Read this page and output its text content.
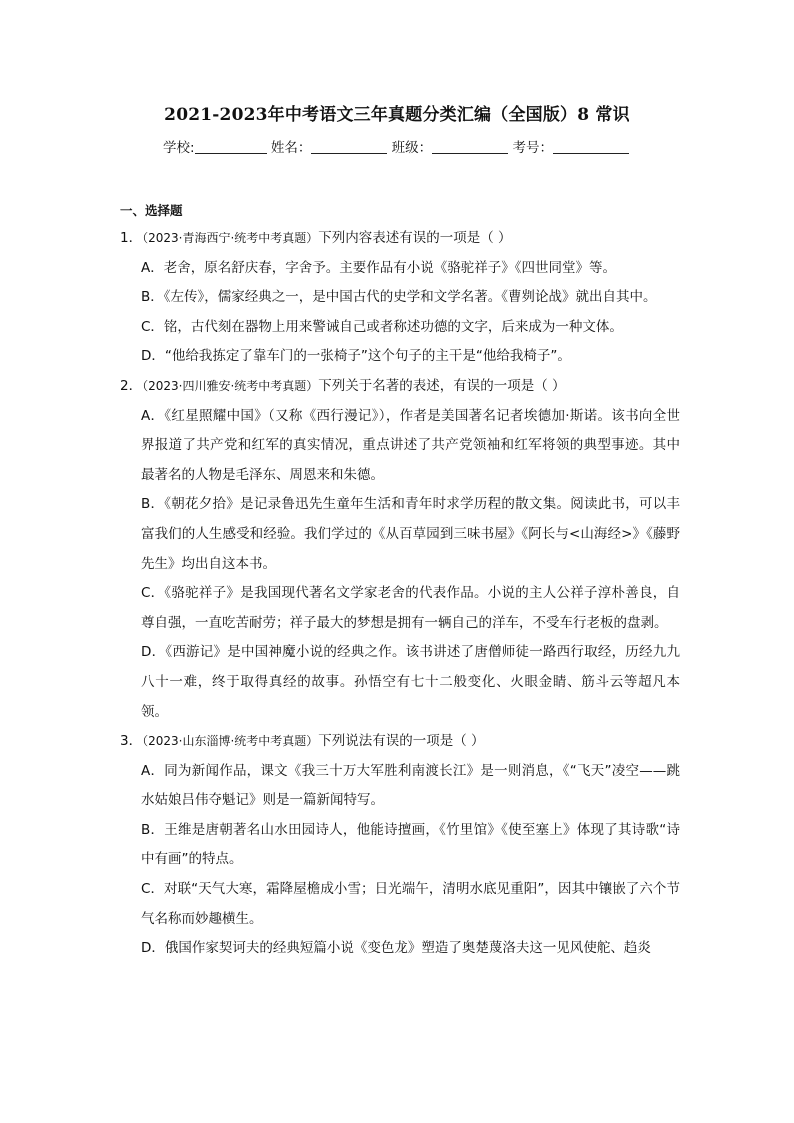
2021-2023年中考语文三年真题分类汇编（全国版）8 常识
学校:	姓名：	班级：	考号：
一、选择题
1．（2023·青海西宁·统考中考真题）下列内容表述有误的一项是（ ）
A．老舍，原名舒庆春，字舍予。主要作品有小说《骆驼祥子》《四世同堂》等。
B．《左传》，儒家经典之一，是中国古代的史学和文学名著。《曹刿论战》就出自其中。
C．铭，古代刻在器物上用来警诫自己或者称述功德的文字，后来成为一种文体。
D．“他给我拣定了靠车门的一张椅子”这个句子的主干是“他给我椅子”。
2．（2023·四川雅安·统考中考真题）下列关于名著的表述，有误的一项是（ ）
A．《红星照耀中国》（又称《西行漫记》），作者是美国著名记者埃德加·斯诺。该书向全世界报道了共产党和红军的真实情况，重点讲述了共产党领袖和红军将领的典型事迹。其中最著名的人物是毛泽东、周恩来和朱德。
B．《朝花夕拾》是记录鲁迅先生童年生活和青年时求学历程的散文集。阅读此书，可以丰富我们的人生感受和经验。我们学过的《从百草园到三味书屋》《阿长与<山海经>》《藤野先生》均出自这本书。
C．《骆驼祥子》是我国现代著名文学家老舍的代表作品。小说的主人公祥子淳朴善良，自尊自强，一直吃苦耐劳；祥子最大的梦想是拥有一辆自己的洋车，不受车行老板的盘剥。
D．《西游记》是中国神魔小说的经典之作。该书讲述了唐僧师徒一路西行取经，历经九九八十一难，终于取得真经的故事。孙悟空有七十二般变化、火眼金睛、筋斗云等超凡本领。
3．（2023·山东淄博·统考中考真题）下列说法有误的一项是（ ）
A．同为新闻作品，课文《我三十万大军胜利南渡长江》是一则消息，《“飞天”凌空——跳水姑娘吕伟夺魁记》则是一篇新闻特写。
B．王维是唐朝著名山水田园诗人，他能诗擅画，《竹里馆》《使至塞上》体现了其诗歌“诗中有画”的特点。
C．对联“天气大寒，霜降屋檐成小雪；日光端午，清明水底见重阳”，因其中镶嵌了六个节气名称而妙趣横生。
D．俄国作家契诃夫的经典短篇小说《变色龙》塑造了奥楚蔑洛夫这一见风使舵、趋炎
